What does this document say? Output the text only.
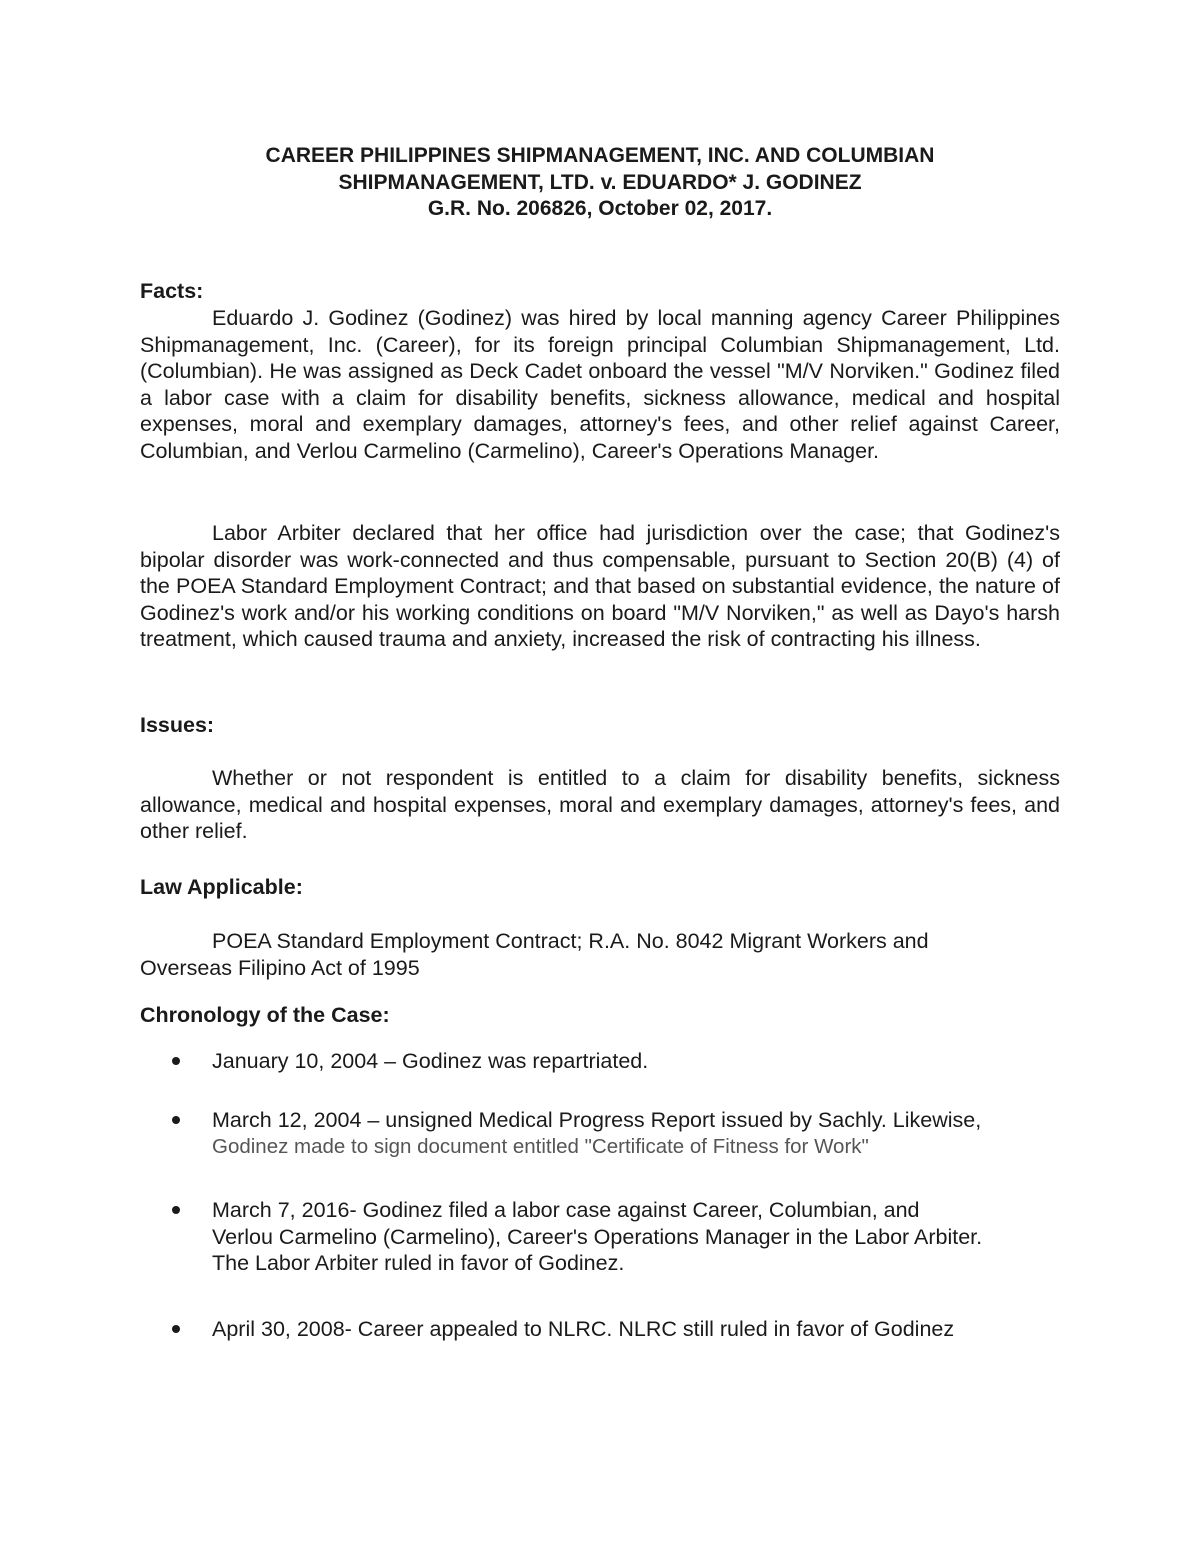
CAREER PHILIPPINES SHIPMANAGEMENT, INC. AND COLUMBIAN
SHIPMANAGEMENT, LTD. v. EDUARDO* J. GODINEZ
G.R. No. 206826, October 02, 2017.
Facts:
Eduardo J. Godinez (Godinez) was hired by local manning agency Career Philippines Shipmanagement, Inc. (Career), for its foreign principal Columbian Shipmanagement, Ltd. (Columbian). He was assigned as Deck Cadet onboard the vessel "M/V Norviken." Godinez filed a labor case with a claim for disability benefits, sickness allowance, medical and hospital expenses, moral and exemplary damages, attorney's fees, and other relief against Career, Columbian, and Verlou Carmelino (Carmelino), Career's Operations Manager.
Labor Arbiter declared that her office had jurisdiction over the case; that Godinez's bipolar disorder was work-connected and thus compensable, pursuant to Section 20(B) (4) of the POEA Standard Employment Contract; and that based on substantial evidence, the nature of Godinez's work and/or his working conditions on board "M/V Norviken," as well as Dayo's harsh treatment, which caused trauma and anxiety, increased the risk of contracting his illness.
Issues:
Whether or not respondent is entitled to a claim for disability benefits, sickness allowance, medical and hospital expenses, moral and exemplary damages, attorney's fees, and other relief.
Law Applicable:
POEA Standard Employment Contract; R.A. No. 8042 Migrant Workers and
Overseas Filipino Act of 1995
Chronology of the Case:
January 10, 2004 – Godinez was repartriated.
March 12, 2004 – unsigned Medical Progress Report issued by Sachly. Likewise,
Godinez made to sign document entitled "Certificate of Fitness for Work"
March 7, 2016- Godinez filed a labor case against Career, Columbian, and
Verlou Carmelino (Carmelino), Career's Operations Manager in the Labor Arbiter.
The Labor Arbiter ruled in favor of Godinez.
April 30, 2008- Career appealed to NLRC. NLRC still ruled in favor of Godinez
